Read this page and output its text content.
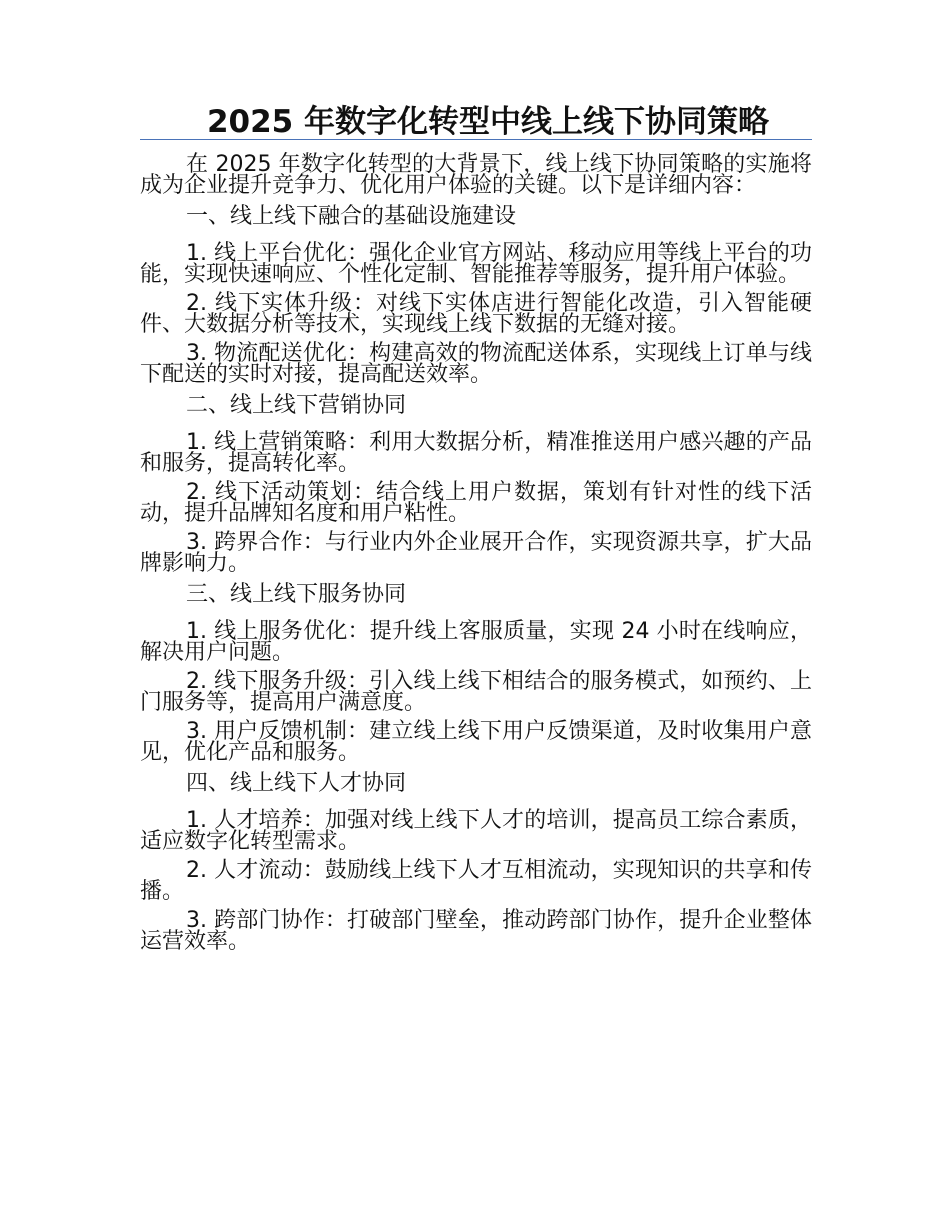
2025 年数字化转型中线上线下协同策略

在 2025 年数字化转型的大背景下，线上线下协同策略的实施将成为企业提升竞争力、优化用户体验的关键。以下是详细内容：

一、线上线下融合的基础设施建设

1. 线上平台优化：强化企业官方网站、移动应用等线上平台的功能，实现快速响应、个性化定制、智能推荐等服务，提升用户体验。

2. 线下实体升级：对线下实体店进行智能化改造，引入智能硬件、大数据分析等技术，实现线上线下数据的无缝对接。

3. 物流配送优化：构建高效的物流配送体系，实现线上订单与线下配送的实时对接，提高配送效率。

二、线上线下营销协同

1. 线上营销策略：利用大数据分析，精准推送用户感兴趣的产品和服务，提高转化率。

2. 线下活动策划：结合线上用户数据，策划有针对性的线下活动，提升品牌知名度和用户粘性。

3. 跨界合作：与行业内外企业展开合作，实现资源共享，扩大品牌影响力。

三、线上线下服务协同

1. 线上服务优化：提升线上客服质量，实现 24 小时在线响应，解决用户问题。

2. 线下服务升级：引入线上线下相结合的服务模式，如预约、上门服务等，提高用户满意度。

3. 用户反馈机制：建立线上线下用户反馈渠道，及时收集用户意见，优化产品和服务。

四、线上线下人才协同

1. 人才培养：加强对线上线下人才的培训，提高员工综合素质，适应数字化转型需求。

2. 人才流动：鼓励线上线下人才互相流动，实现知识的共享和传播。

3. 跨部门协作：打破部门壁垒，推动跨部门协作，提升企业整体运营效率。
